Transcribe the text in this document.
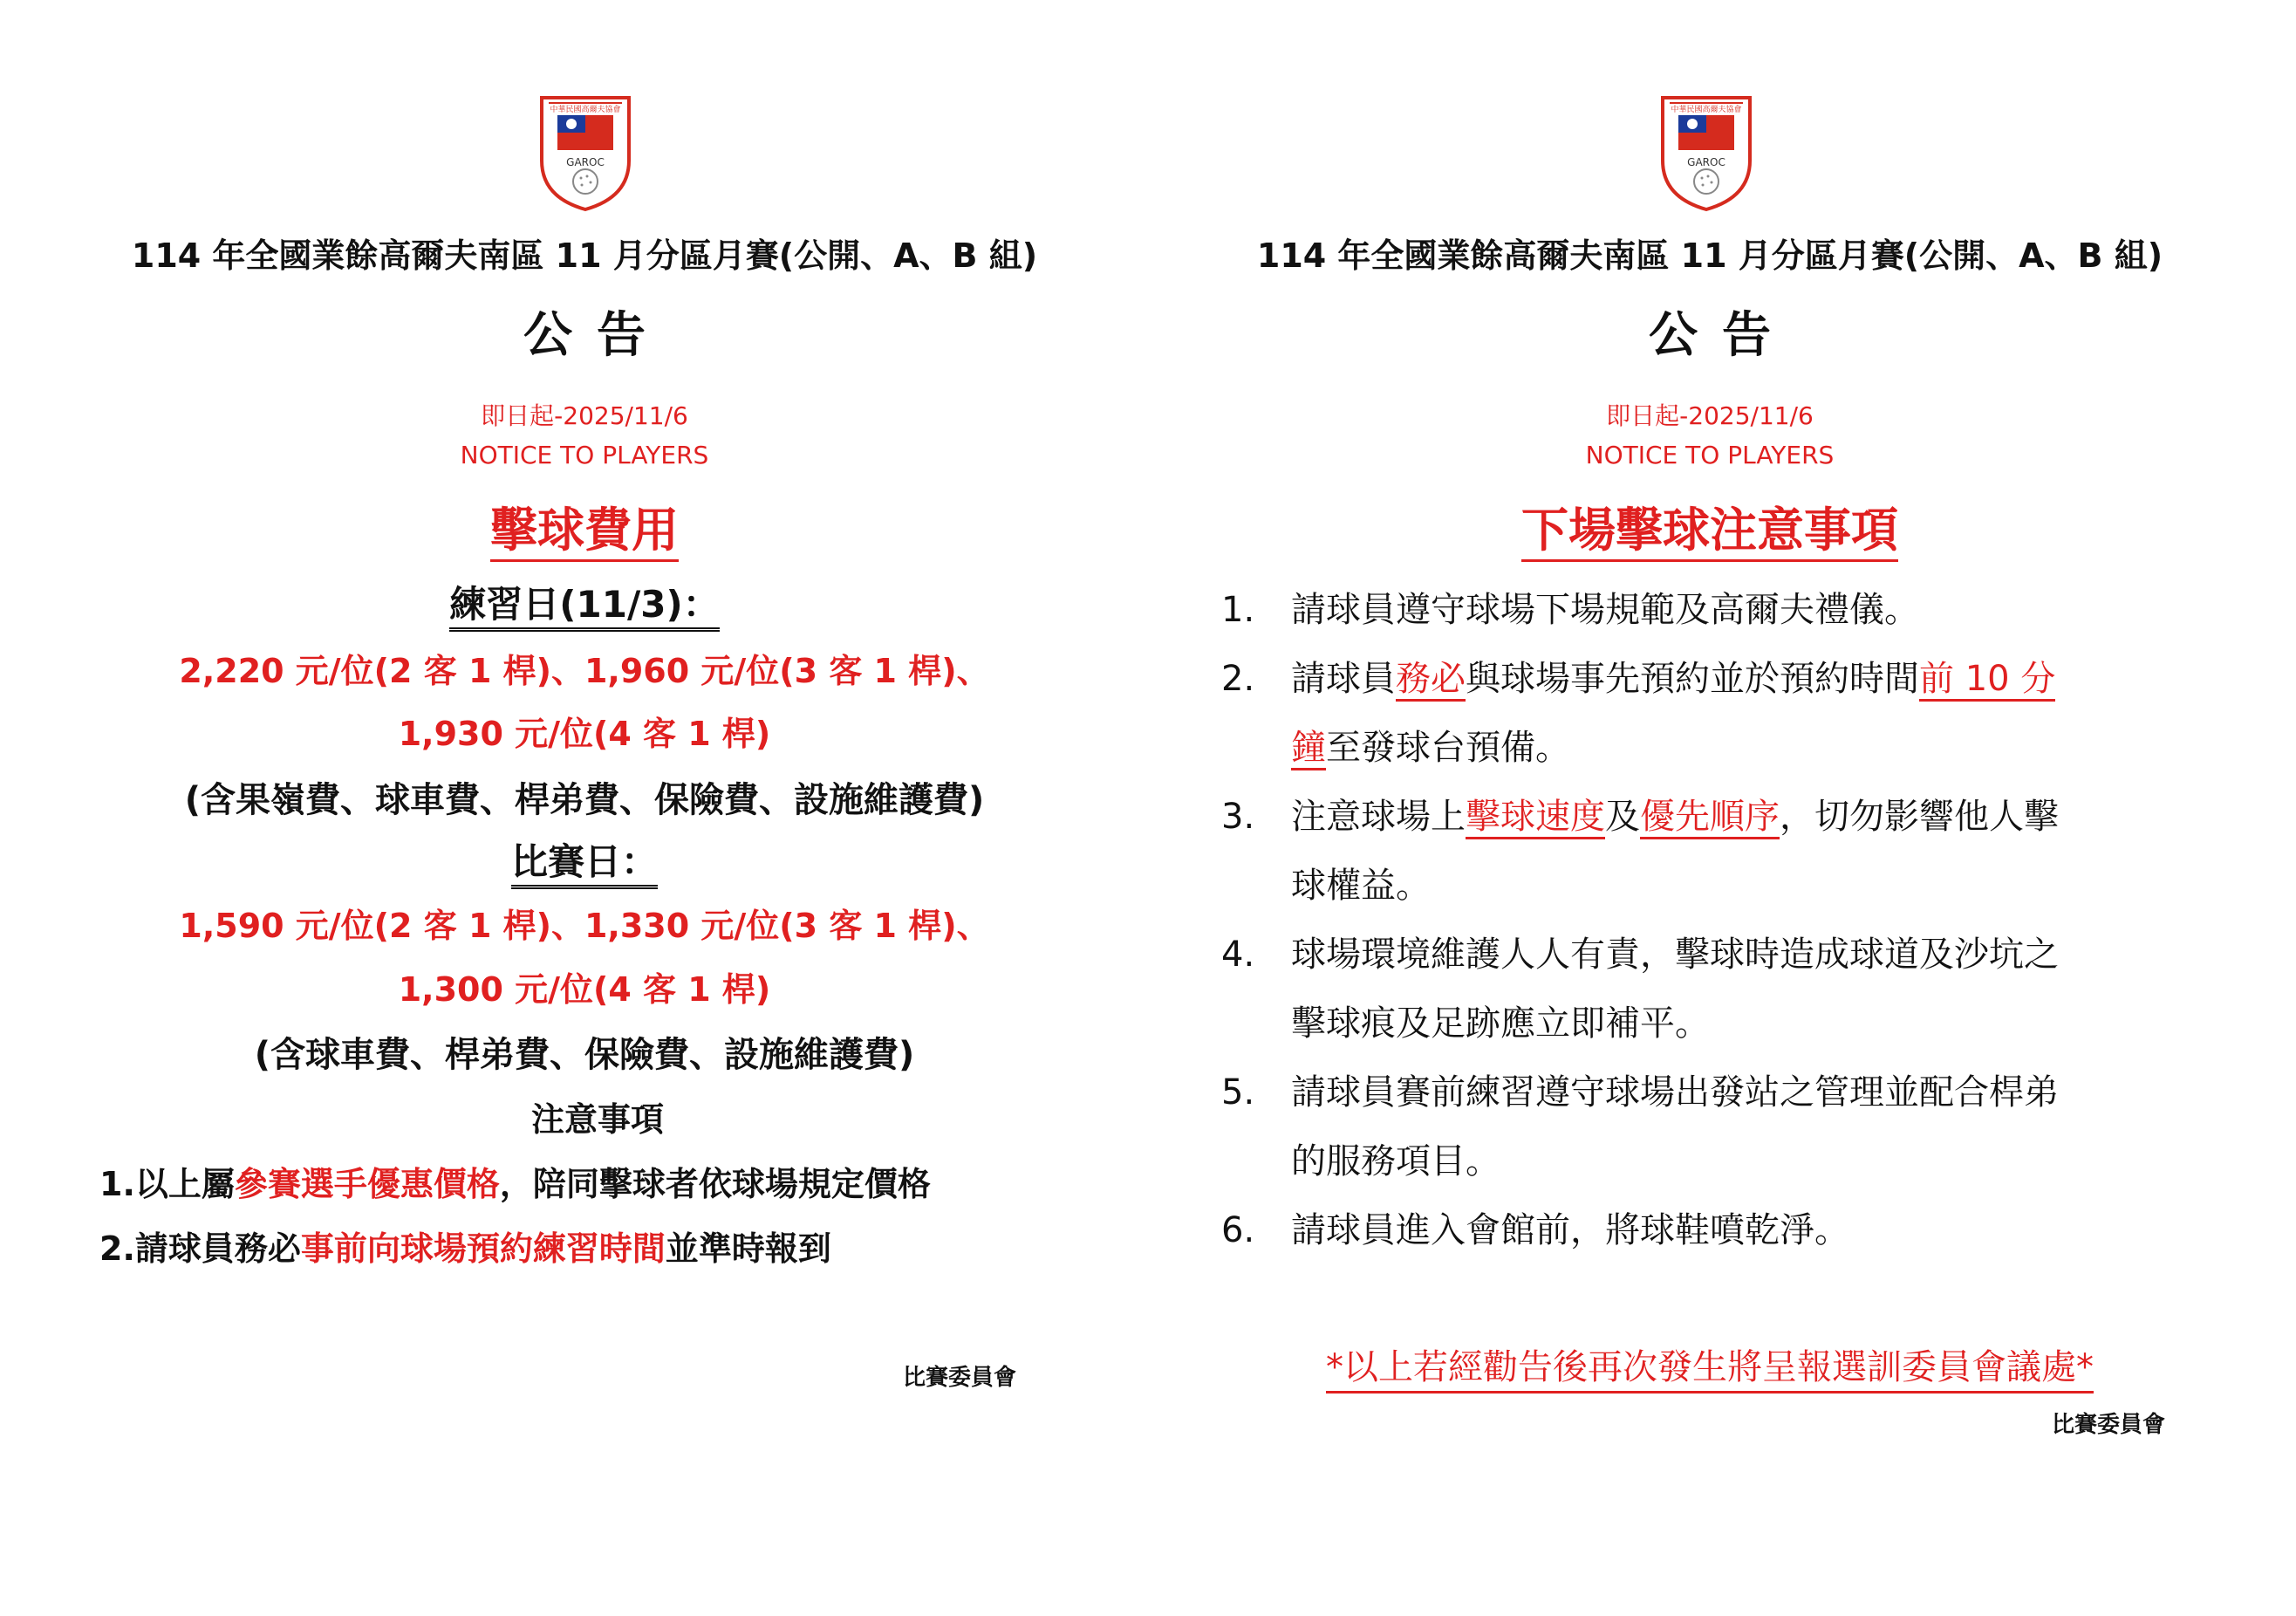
中華民國高爾夫協會
GAROC
114 年全國業餘高爾夫南區 11 月分區月賽(公開、A、B 組)
公告
即日起-2025/11/6
NOTICE TO PLAYERS
擊球費用
練習日(11/3)：
2,220 元/位(2 客 1 桿)、1,960 元/位(3 客 1 桿)、
1,930 元/位(4 客 1 桿)
(含果嶺費、球車費、桿弟費、保險費、設施維護費)
比賽日：
1,590 元/位(2 客 1 桿)、1,330 元/位(3 客 1 桿)、
1,300 元/位(4 客 1 桿)
(含球車費、桿弟費、保險費、設施維護費)
注意事項
1.以上屬參賽選手優惠價格，陪同擊球者依球場規定價格
2.請球員務必事前向球場預約練習時間並準時報到
比賽委員會
中華民國高爾夫協會
GAROC
114 年全國業餘高爾夫南區 11 月分區月賽(公開、A、B 組)
公告
即日起-2025/11/6
NOTICE TO PLAYERS
下場擊球注意事項
1. 請球員遵守球場下場規範及高爾夫禮儀。
2. 請球員務必與球場事先預約並於預約時間前 10 分
鐘至發球台預備。
3. 注意球場上擊球速度及優先順序，切勿影響他人擊
球權益。
4. 球場環境維護人人有責，擊球時造成球道及沙坑之
擊球痕及足跡應立即補平。
5. 請球員賽前練習遵守球場出發站之管理並配合桿弟
的服務項目。
6. 請球員進入會館前，將球鞋噴乾淨。
*以上若經勸告後再次發生將呈報選訓委員會議處*
比賽委員會
